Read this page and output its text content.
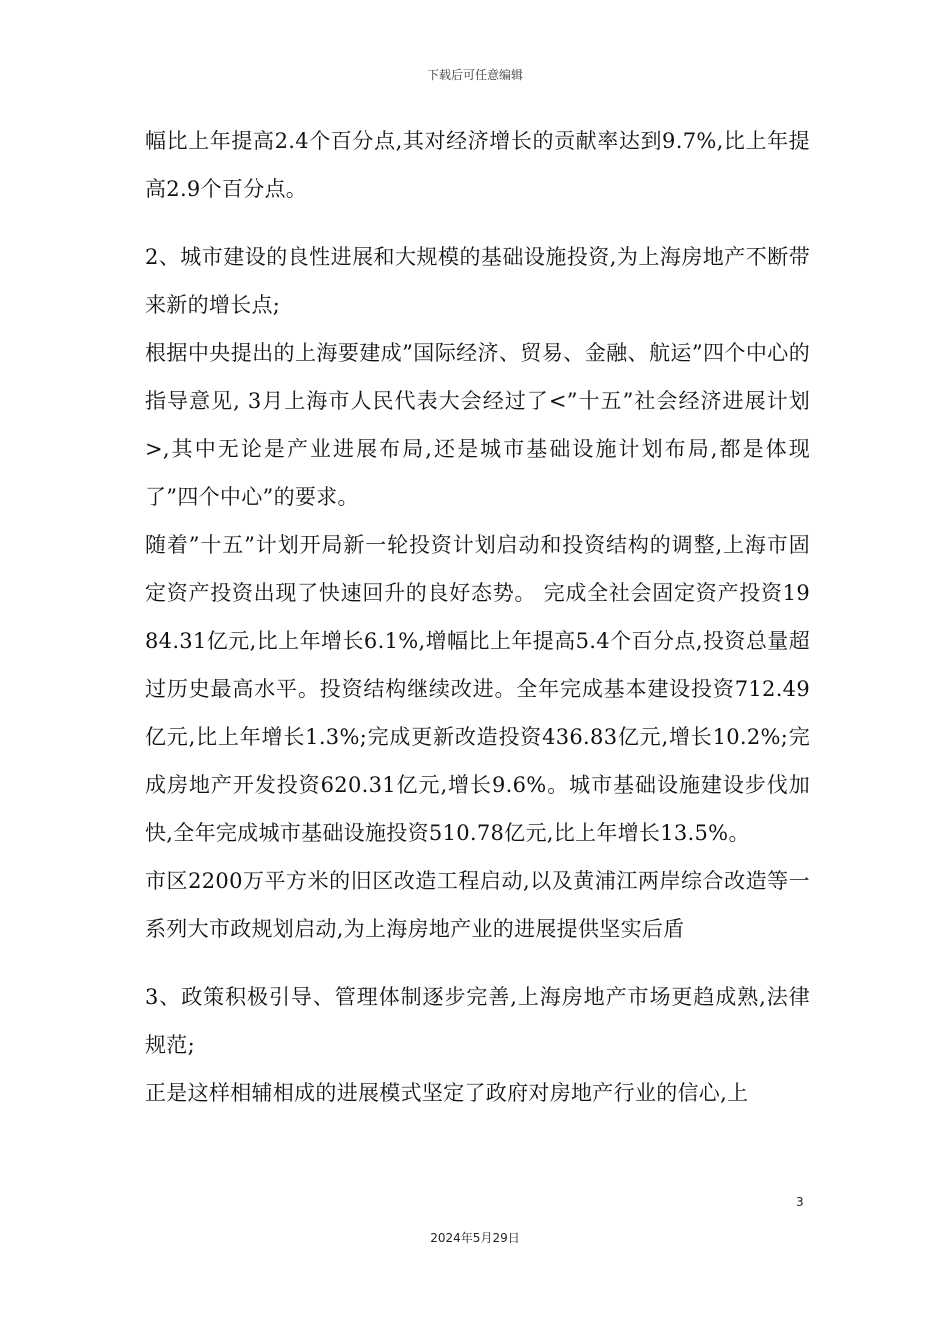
下载后可任意编辑

幅比上年提高2.4个百分点,其对经济增长的贡献率达到9.7%,比上年提高2.9个百分点。

2、城市建设的良性进展和大规模的基础设施投资,为上海房地产不断带来新的增长点;

根据中央提出的上海要建成”国际经济、贸易、金融、航运”四个中心的指导意见, 3月上海市人民代表大会经过了<”十五”社会经济进展计划>,其中无论是产业进展布局,还是城市基础设施计划布局,都是体现了”四个中心”的要求。

随着”十五”计划开局新一轮投资计划启动和投资结构的调整,上海市固定资产投资出现了快速回升的良好态势。 完成全社会固定资产投资1984.31亿元,比上年增长6.1%,增幅比上年提高5.4个百分点,投资总量超过历史最高水平。投资结构继续改进。全年完成基本建设投资712.49亿元,比上年增长1.3%;完成更新改造投资436.83亿元,增长10.2%;完成房地产开发投资620.31亿元,增长9.6%。城市基础设施建设步伐加快,全年完成城市基础设施投资510.78亿元,比上年增长13.5%。

市区2200万平方米的旧区改造工程启动,以及黄浦江两岸综合改造等一系列大市政规划启动,为上海房地产业的进展提供坚实后盾

3、政策积极引导、管理体制逐步完善,上海房地产市场更趋成熟,法律规范;

正是这样相辅相成的进展模式坚定了政府对房地产行业的信心,上

3
2024年5月29日
